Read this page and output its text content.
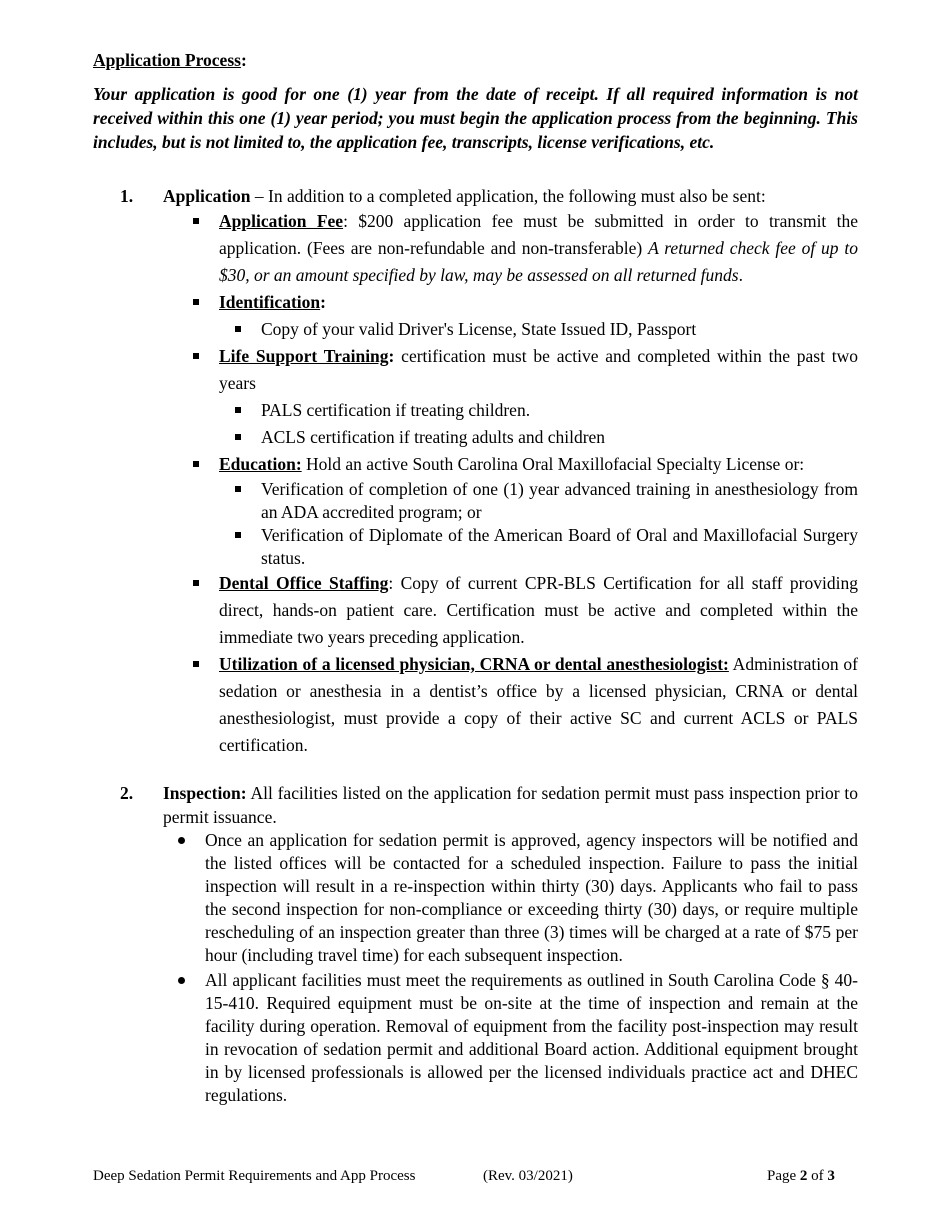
Application Process:

Your application is good for one (1) year from the date of receipt. If all required information is not received within this one (1) year period; you must begin the application process from the beginning. This includes, but is not limited to, the application fee, transcripts, license verifications, etc.

1. Application – In addition to a completed application, the following must also be sent:
Application Fee: $200 application fee must be submitted in order to transmit the application. (Fees are non-refundable and non-transferable) A returned check fee of up to $30, or an amount specified by law, may be assessed on all returned funds.
Identification:
Copy of your valid Driver's License, State Issued ID, Passport
Life Support Training: certification must be active and completed within the past two years
PALS certification if treating children.
ACLS certification if treating adults and children
Education: Hold an active South Carolina Oral Maxillofacial Specialty License or:
Verification of completion of one (1) year advanced training in anesthesiology from an ADA accredited program; or
Verification of Diplomate of the American Board of Oral and Maxillofacial Surgery status.
Dental Office Staffing: Copy of current CPR-BLS Certification for all staff providing direct, hands-on patient care. Certification must be active and completed within the immediate two years preceding application.
Utilization of a licensed physician, CRNA or dental anesthesiologist: Administration of sedation or anesthesia in a dentist’s office by a licensed physician, CRNA or dental anesthesiologist, must provide a copy of their active SC and current ACLS or PALS certification.
2. Inspection: All facilities listed on the application for sedation permit must pass inspection prior to permit issuance.
Once an application for sedation permit is approved, agency inspectors will be notified and the listed offices will be contacted for a scheduled inspection. Failure to pass the initial inspection will result in a re-inspection within thirty (30) days. Applicants who fail to pass the second inspection for non-compliance or exceeding thirty (30) days, or require multiple rescheduling of an inspection greater than three (3) times will be charged at a rate of $75 per hour (including travel time) for each subsequent inspection.
All applicant facilities must meet the requirements as outlined in South Carolina Code § 40-15-410. Required equipment must be on-site at the time of inspection and remain at the facility during operation. Removal of equipment from the facility post-inspection may result in revocation of sedation permit and additional Board action. Additional equipment brought in by licensed professionals is allowed per the licensed individuals practice act and DHEC regulations.
Deep Sedation Permit Requirements and App Process	(Rev. 03/2021)	Page 2 of 3
